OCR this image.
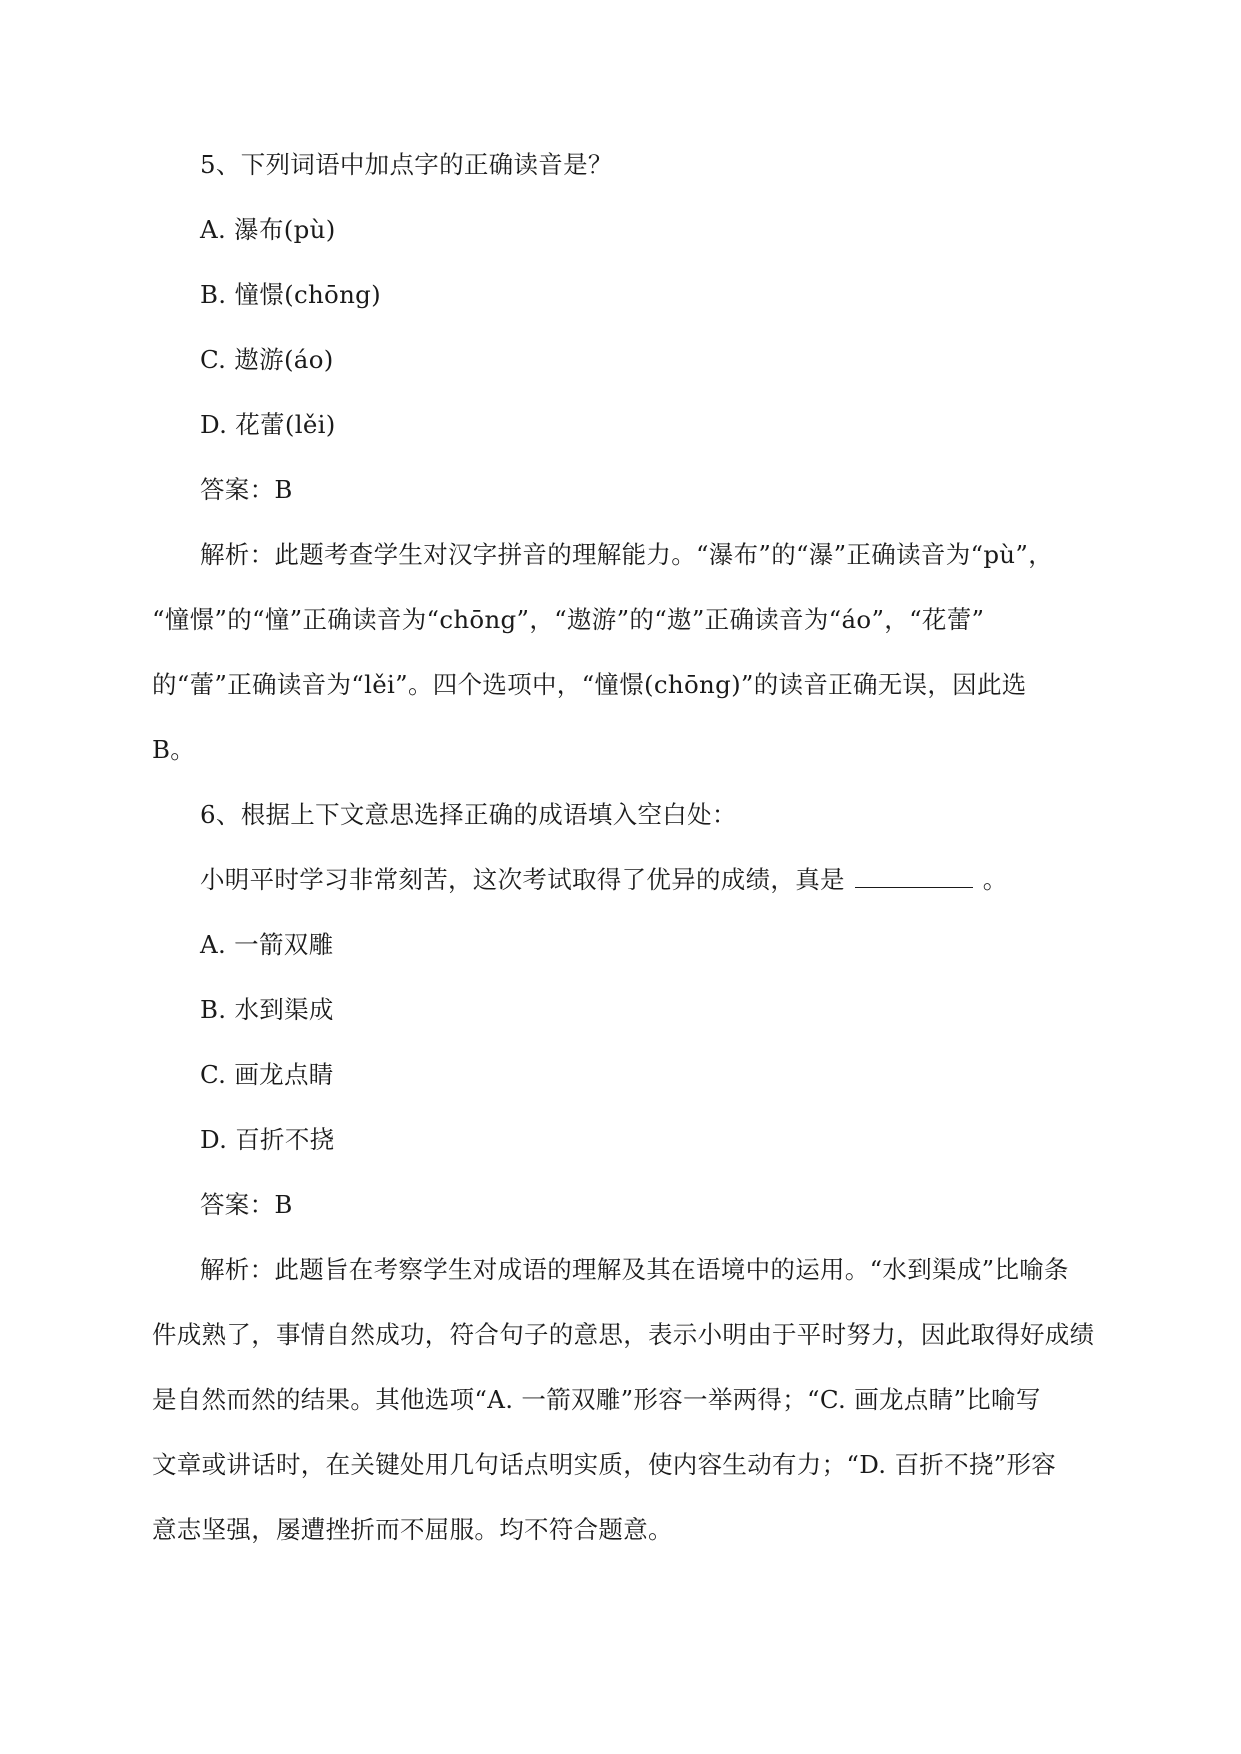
5、下列词语中加点字的正确读音是？
A. 瀑布(pù)
B. 憧憬(chōng)
C. 遨游(áo)
D. 花蕾(lěi)
答案：B
解析：此题考查学生对汉字拼音的理解能力。“瀑布”的“瀑”正确读音为“pù”，
“憧憬”的“憧”正确读音为“chōng”，“遨游”的“遨”正确读音为“áo”，“花蕾”
的“蕾”正确读音为“lěi”。四个选项中，“憧憬(chōng)”的读音正确无误，因此选
B。
6、根据上下文意思选择正确的成语填入空白处：
小明平时学习非常刻苦，这次考试取得了优异的成绩，真是	。
A. 一箭双雕
B. 水到渠成
C. 画龙点睛
D. 百折不挠
答案：B
解析：此题旨在考察学生对成语的理解及其在语境中的运用。“水到渠成”比喻条
件成熟了，事情自然成功，符合句子的意思，表示小明由于平时努力，因此取得好成绩
是自然而然的结果。其他选项“A. 一箭双雕”形容一举两得；“C. 画龙点睛”比喻写
文章或讲话时，在关键处用几句话点明实质，使内容生动有力；“D. 百折不挠”形容
意志坚强，屡遭挫折而不屈服。均不符合题意。
